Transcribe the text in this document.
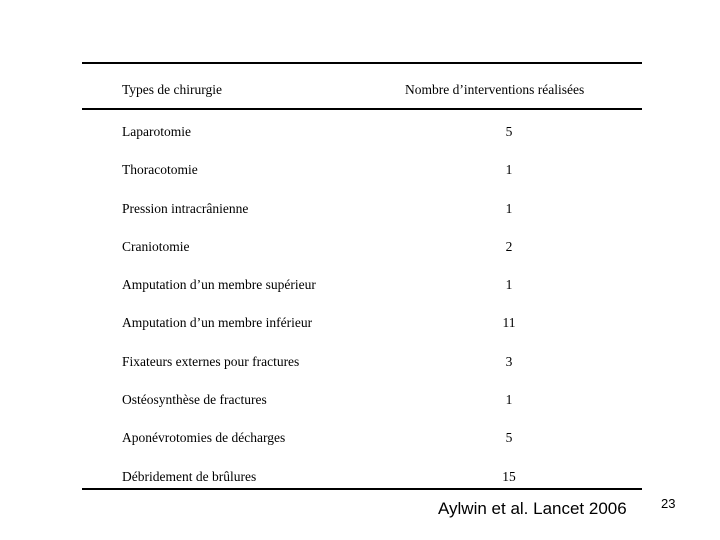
Types de chirurgie	Nombre d’interventions réalisées
Laparotomie	5
Thoracotomie	1
Pression intracrânienne	1
Craniotomie	2
Amputation d’un membre supérieur	1
Amputation d’un membre inférieur	11
Fixateurs externes pour fractures	3
Ostéosynthèse de fractures	1
Aponévrotomies de décharges	5
Débridement de brûlures	15
Aylwin et al. Lancet 2006	23
